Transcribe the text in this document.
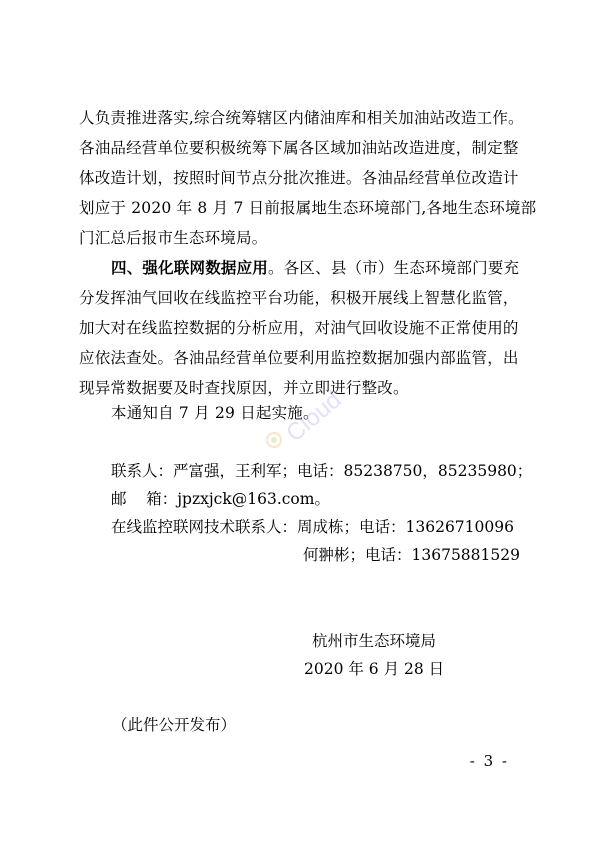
人负责推进落实,综合统筹辖区内储油库和相关加油站改造工作。
各油品经营单位要积极统筹下属各区域加油站改造进度，制定整
体改造计划，按照时间节点分批次推进。各油品经营单位改造计
划应于 2020 年 8 月 7 日前报属地生态环境部门,各地生态环境部
门汇总后报市生态环境局。
四、强化联网数据应用。各区、县（市）生态环境部门要充
分发挥油气回收在线监控平台功能，积极开展线上智慧化监管，
加大对在线监控数据的分析应用，对油气回收设施不正常使用的
应依法查处。各油品经营单位要利用监控数据加强内部监管，出
现异常数据要及时查找原因，并立即进行整改。
本通知自 7 月 29 日起实施。
联系人：严富强，王利军；电话：85238750，85235980；
邮    箱：jpzxjck@163.com。
在线监控联网技术联系人：周成栋；电话：13626710096
何翀彬；电话：13675881529
杭州市生态环境局
2020 年 6 月 28 日
（此件公开发布）
- 3 -
Cloud
